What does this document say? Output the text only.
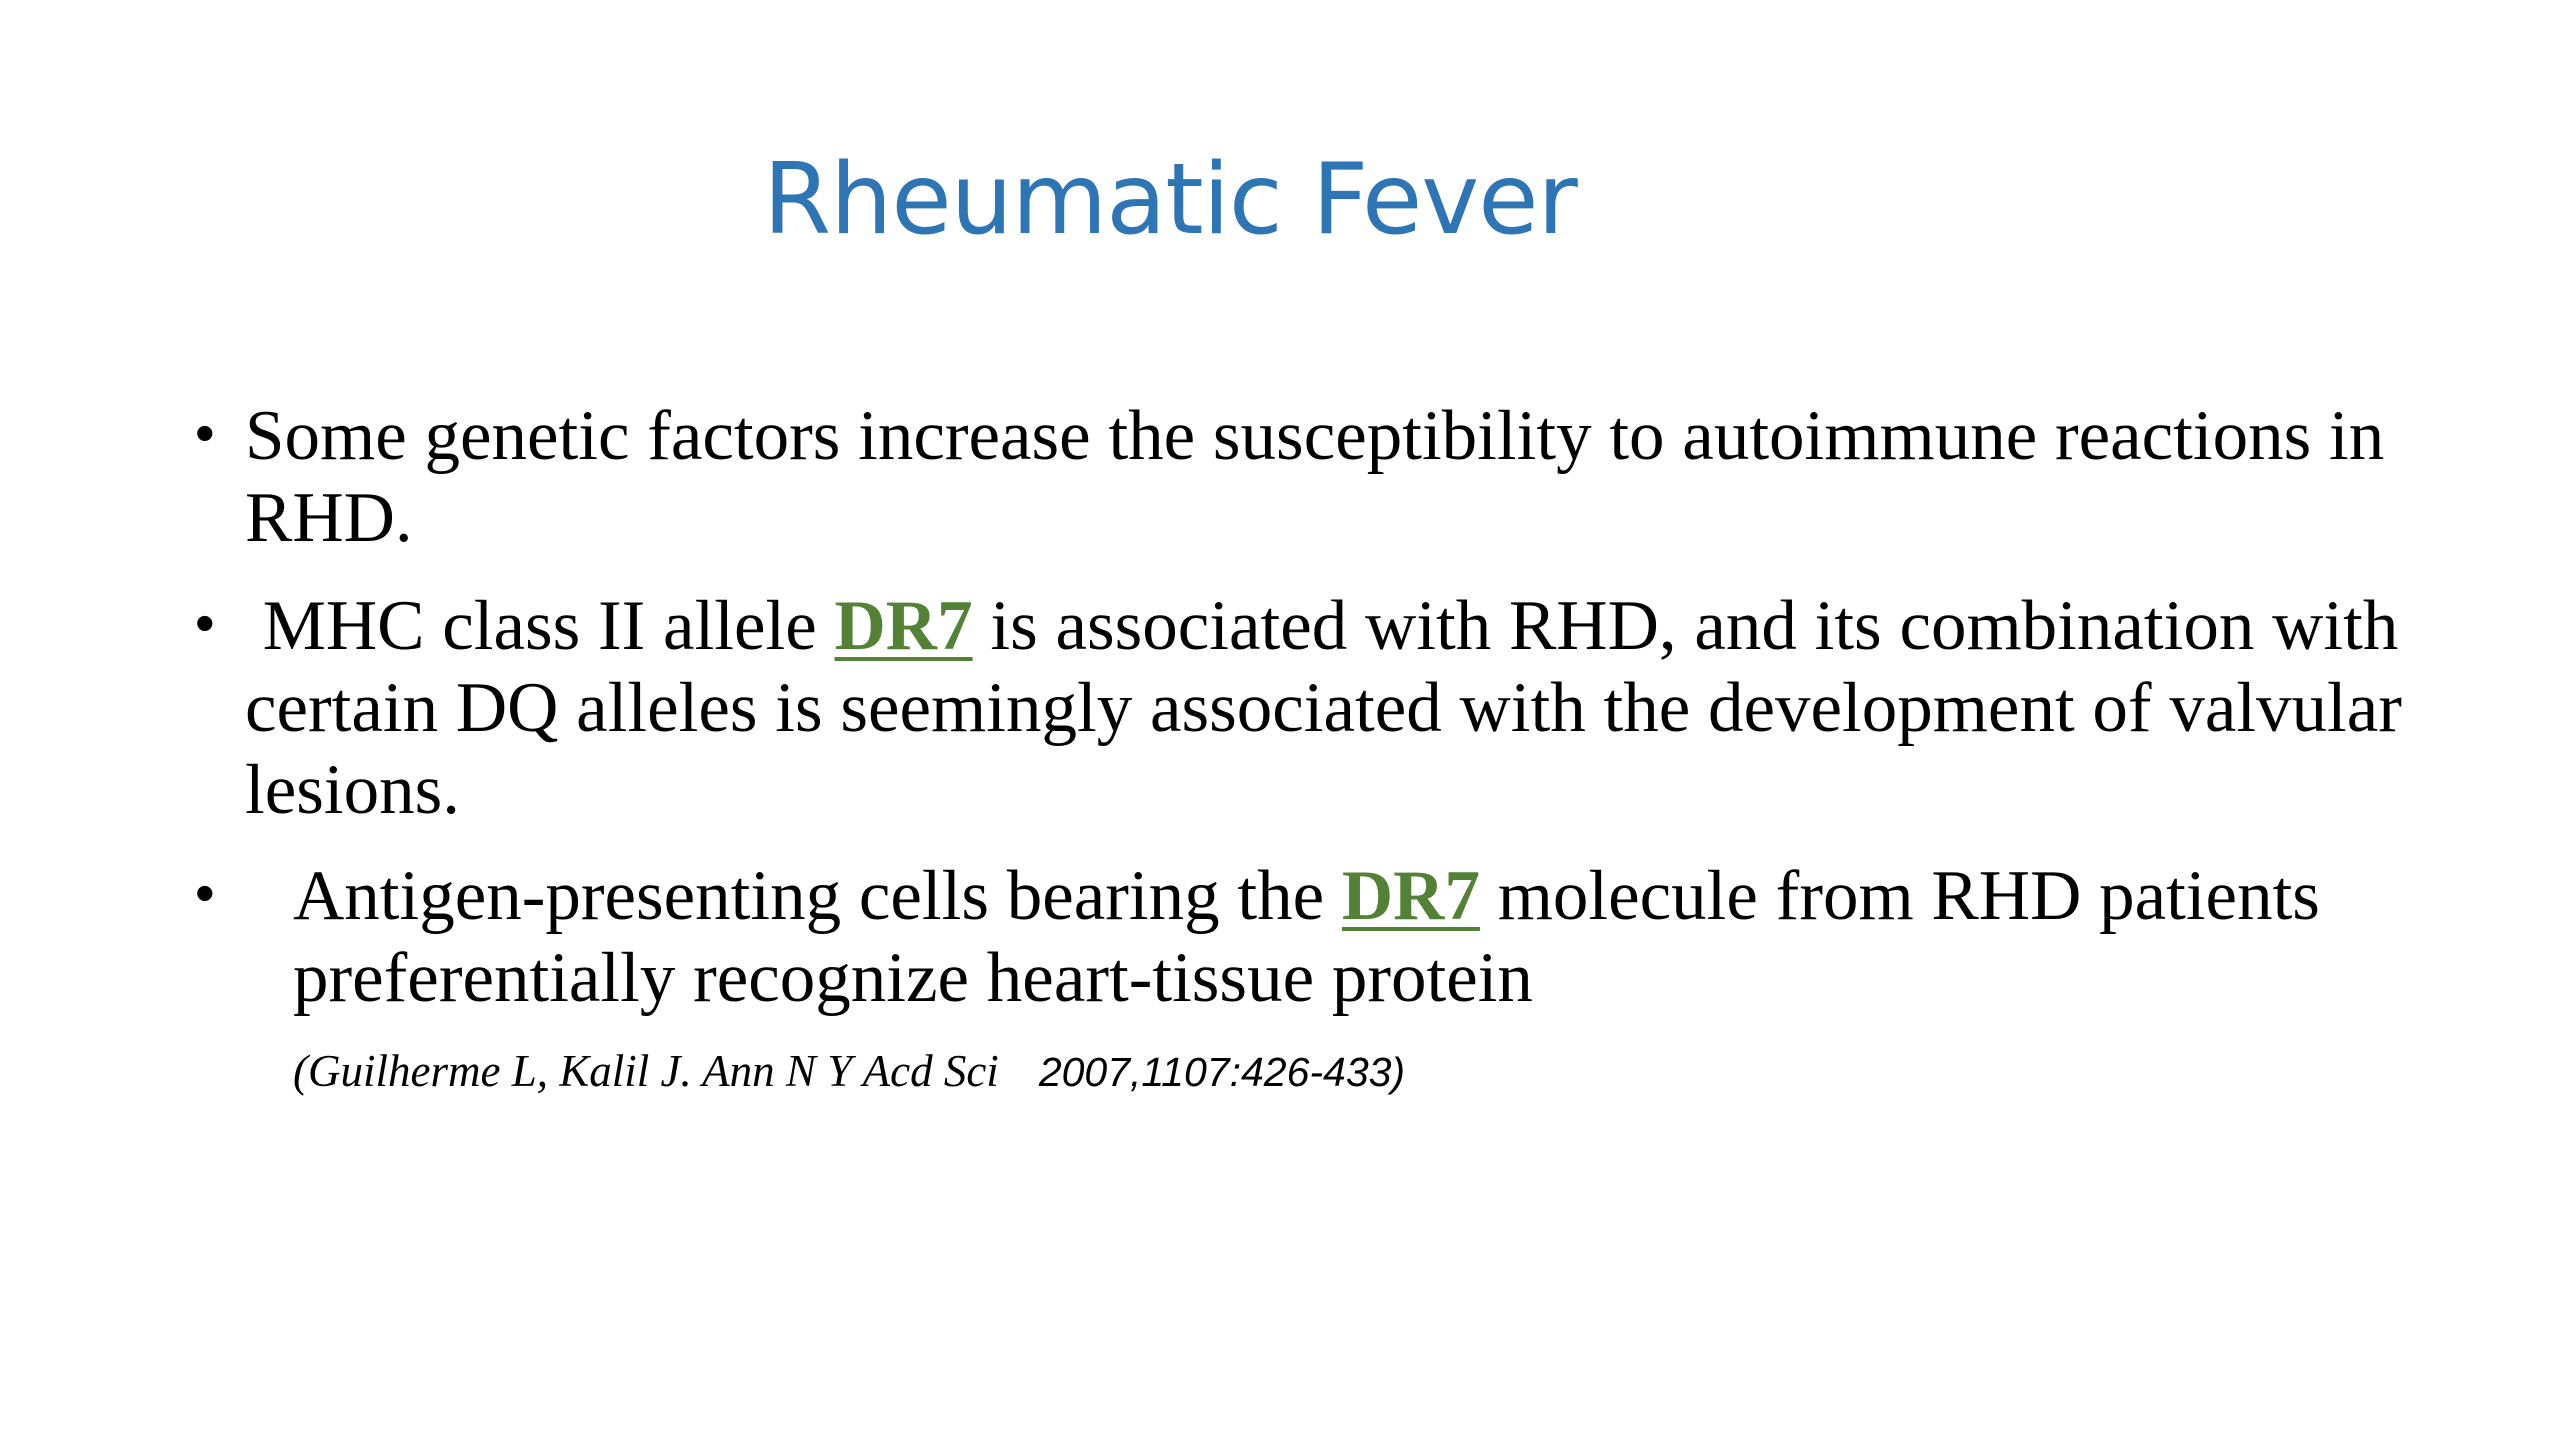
Rheumatic Fever
• Some genetic factors increase the susceptibility to autoimmune reactions in RHD.
• MHC class II allele DR7 is associated with RHD, and its combination with certain DQ alleles is seemingly associated with the development of valvular lesions.
• Antigen-presenting cells bearing the DR7 molecule from RHD patients preferentially recognize heart-tissue protein
(Guilherme L, Kalil J. Ann N Y Acd Sci 2007,1107:426-433)
